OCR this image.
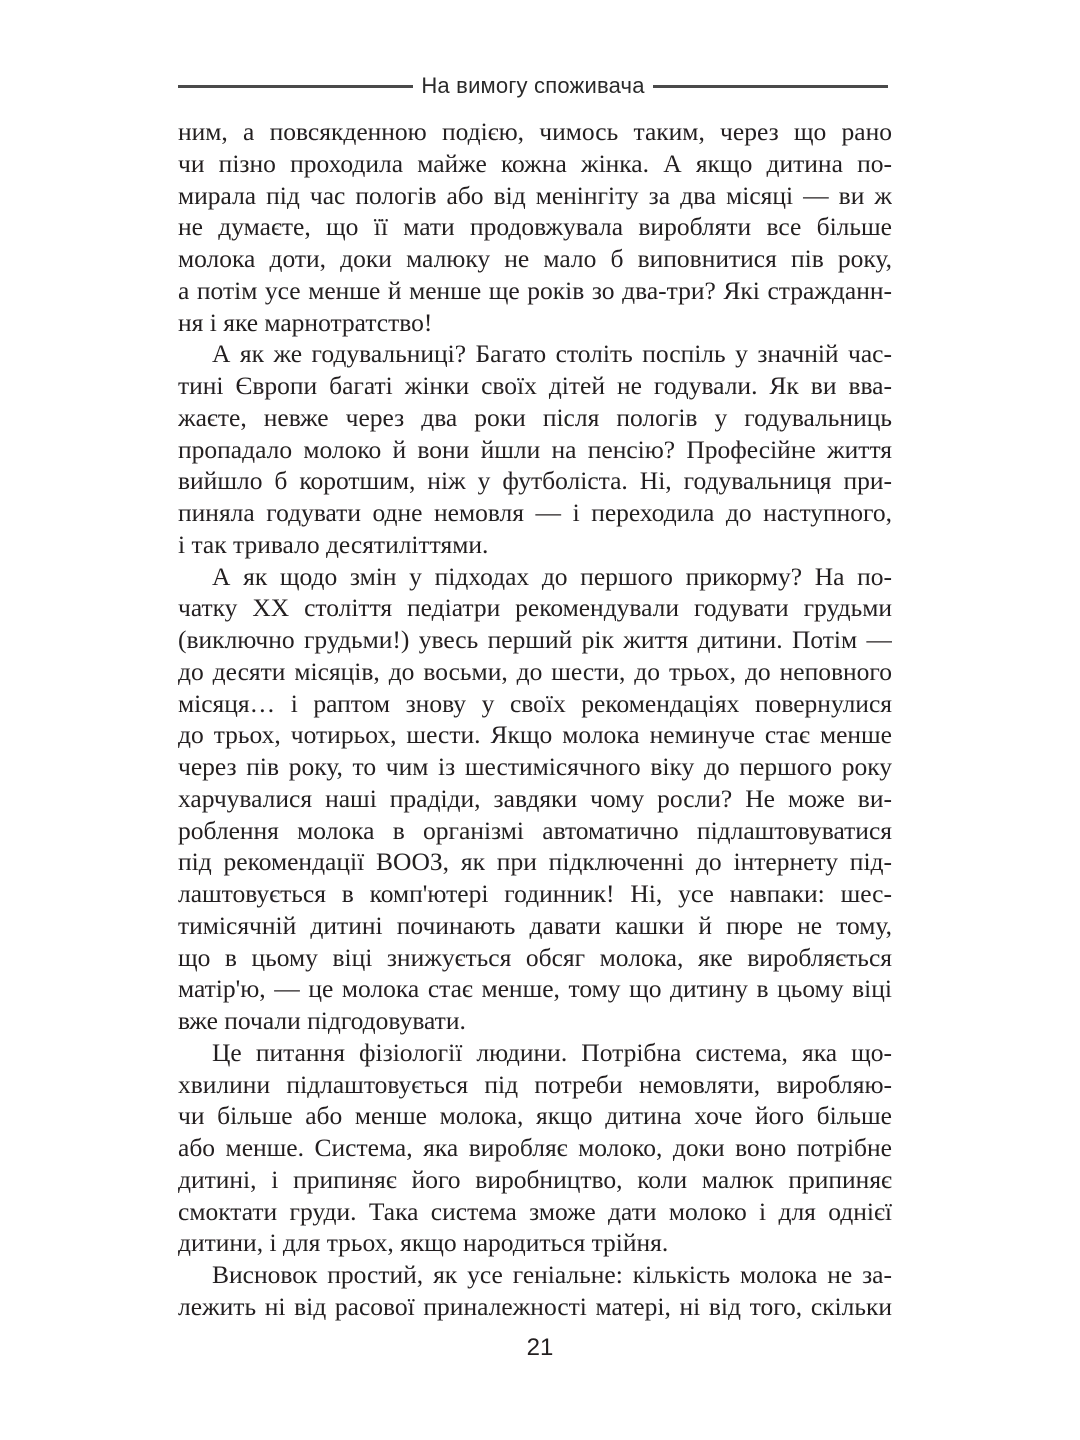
На вимогу споживача
ним, а повсякденною подією, чимось таким, через що рано
чи пізно проходила майже кожна жінка. А якщо дитина по-
мирала під час пологів або від менінгіту за два місяці — ви ж
не думаєте, що її мати продовжувала виробляти все більше
молока доти, доки малюку не мало б виповнитися пів року,
а потім усе менше й менше ще років зо два-три? Які стражданн-
ня і яке марнотратство!
А як же годувальниці? Багато століть поспіль у значній час-
тині Європи багаті жінки своїх дітей не годували. Як ви вва-
жаєте, невже через два роки після пологів у годувальниць
пропадало молоко й вони йшли на пенсію? Професійне життя
вийшло б коротшим, ніж у футболіста. Ні, годувальниця при-
пиняла годувати одне немовля — і переходила до наступного,
і так тривало десятиліттями.
А як щодо змін у підходах до першого прикорму? На по-
чатку XX століття педіатри рекомендували годувати грудьми
(виключно грудьми!) увесь перший рік життя дитини. Потім —
до десяти місяців, до восьми, до шести, до трьох, до неповного
місяця… і раптом знову у своїх рекомендаціях повернулися
до трьох, чотирьох, шести. Якщо молока неминуче стає менше
через пів року, то чим із шестимісячного віку до першого року
харчувалися наші прадіди, завдяки чому росли? Не може ви-
роблення молока в організмі автоматично підлаштовуватися
під рекомендації ВООЗ, як при підключенні до інтернету під-
лаштовується в комп'ютері годинник! Ні, усе навпаки: шес-
тимісячній дитині починають давати кашки й пюре не тому,
що в цьому віці знижується обсяг молока, яке виробляється
матір'ю, — це молока стає менше, тому що дитину в цьому віці
вже почали підгодовувати.
Це питання фізіології людини. Потрібна система, яка що-
хвилини підлаштовується під потреби немовляти, виробляю-
чи більше або менше молока, якщо дитина хоче його більше
або менше. Система, яка виробляє молоко, доки воно потрібне
дитині, і припиняє його виробництво, коли малюк припиняє
смоктати груди. Така система зможе дати молоко і для однієї
дитини, і для трьох, якщо народиться трійня.
Висновок простий, як усе геніальне: кількість молока не за-
лежить ні від расової приналежності матері, ні від того, скільки
21
